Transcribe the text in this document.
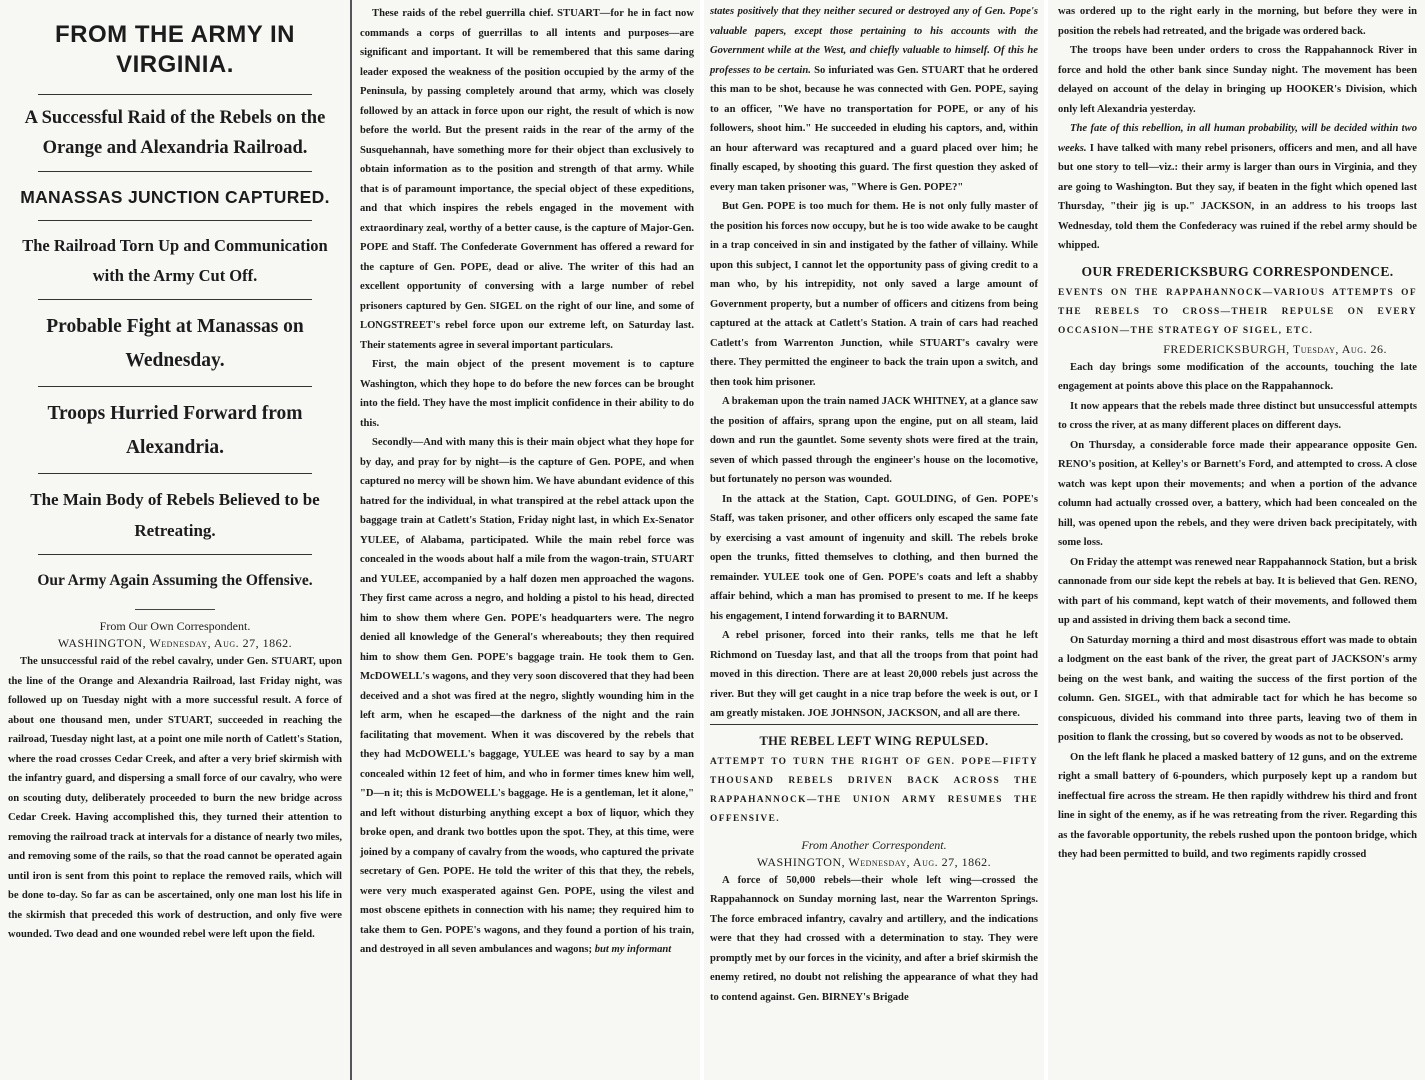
FROM THE ARMY IN VIRGINIA.
A Successful Raid of the Rebels on the Orange and Alexandria Railroad.
MANASSAS JUNCTION CAPTURED.
The Railroad Torn Up and Communication with the Army Cut Off.
Probable Fight at Manassas on Wednesday.
Troops Hurried Forward from Alexandria.
The Main Body of Rebels Believed to be Retreating.
Our Army Again Assuming the Offensive.
From Our Own Correspondent.
WASHINGTON, Wednesday, Aug. 27, 1862.

The unsuccessful raid of the rebel cavalry, under Gen. STUART, upon the line of the Orange and Alexandria Railroad, last Friday night, was followed up on Tuesday night with a more successful result. A force of about one thousand men, under STUART, succeeded in reaching the railroad, Tuesday night last, at a point one mile north of Catlett's Station, where the road crosses Cedar Creek, and after a very brief skirmish with the infantry guard, and dispersing a small force of our cavalry, who were on scouting duty, deliberately proceeded to burn the new bridge across Cedar Creek. Having accomplished this, they turned their attention to removing the railroad track at intervals for a distance of nearly two miles, and removing some of the rails, so that the road cannot be operated again until iron is sent from this point to replace the removed rails, which will be done to-day. So far as can be ascertained, only one man lost his life in the skirmish that preceded this work of destruction, and only five were wounded. Two dead and one wounded rebel were left upon the field.

These raids of the rebel guerrilla chief. STUART—for he in fact now commands a corps of guerrillas to all intents and purposes—are significant and important. It will be remembered that this same daring leader exposed the weakness of the position occupied by the army of the Peninsula, by passing completely around that army, which was closely followed by an attack in force upon our right, the result of which is now before the world. But the present raids in the rear of the army of the Susquehannah, have something more for their object than exclusively to obtain information as to the position and strength of that army. While that is of paramount importance, the special object of these expeditions, and that which inspires the rebels engaged in the movement with extraordinary zeal, worthy of a better cause, is the capture of Major-Gen. POPE and Staff. The Confederate Government has offered a reward for the capture of Gen. POPE, dead or alive. The writer of this had an excellent opportunity of conversing with a large number of rebel prisoners captured by Gen. SIGEL on the right of our line, and some of LONGSTREET's rebel force upon our extreme left, on Saturday last. Their statements agree in several important particulars.

First, the main object of the present movement is to capture Washington, which they hope to do before the new forces can be brought into the field. They have the most implicit confidence in their ability to do this.

Secondly—And with many this is their main object what they hope for by day, and pray for by night—is the capture of Gen. POPE, and when captured no mercy will be shown him. We have abundant evidence of this hatred for the individual, in what transpired at the rebel attack upon the baggage train at Catlett's Station, Friday night last, in which Ex-Senator YULEE, of Alabama, participated. While the main rebel force was concealed in the woods about half a mile from the wagon-train, STUART and YULEE, accompanied by a half dozen men approached the wagons. They first came across a negro, and holding a pistol to his head, directed him to show them where Gen. POPE's headquarters were. The negro denied all knowledge of the General's whereabouts; they then required him to show them Gen. POPE's baggage train. He took them to Gen. McDOWELL's wagons, and they very soon discovered that they had been deceived and a shot was fired at the negro, slightly wounding him in the left arm, when he escaped—the darkness of the night and the rain facilitating that movement. When it was discovered by the rebels that they had McDOWELL's baggage, YULEE was heard to say by a man concealed within 12 feet of him, and who in former times knew him well, "D—n it; this is McDOWELL's baggage. He is a gentleman, let it alone," and left without disturbing anything except a box of liquor, which they broke open, and drank two bottles upon the spot. They, at this time, were joined by a company of cavalry from the woods, who captured the private secretary of Gen. POPE. He told the writer of this that they, the rebels, were very much exasperated against Gen. POPE, using the vilest and most obscene epithets in connection with his name; they required him to take them to Gen. POPE's wagons, and they found a portion of his train, and destroyed in all seven ambulances and wagons; but my informant

states positively that they neither secured or destroyed any of Gen. Pope's valuable papers, except those pertaining to his accounts with the Government while at the West, and chiefly valuable to himself. Of this he professes to be certain. So infuriated was Gen. STUART that he ordered this man to be shot, because he was connected with Gen. POPE, saying to an officer, "We have no transportation for POPE, or any of his followers, shoot him." He succeeded in eluding his captors, and, within an hour afterward was recaptured and a guard placed over him; he finally escaped, by shooting this guard. The first question they asked of every man taken prisoner was, "Where is Gen. POPE?"

But Gen. POPE is too much for them. He is not only fully master of the position his forces now occupy, but he is too wide awake to be caught in a trap conceived in sin and instigated by the father of villainy. While upon this subject, I cannot let the opportunity pass of giving credit to a man who, by his intrepidity, not only saved a large amount of Government property, but a number of officers and citizens from being captured at the attack at Catlett's Station. A train of cars had reached Catlett's from Warrenton Junction, while STUART's cavalry were there. They permitted the engineer to back the train upon a switch, and then took him prisoner.

A brakeman upon the train named JACK WHITNEY, at a glance saw the position of affairs, sprang upon the engine, put on all steam, laid down and run the gauntlet. Some seventy shots were fired at the train, seven of which passed through the engineer's house on the locomotive, but fortunately no person was wounded.

In the attack at the Station, Capt. GOULDING, of Gen. POPE's Staff, was taken prisoner, and other officers only escaped the same fate by exercising a vast amount of ingenuity and skill. The rebels broke open the trunks, fitted themselves to clothing, and then burned the remainder. YULEE took one of Gen. POPE's coats and left a shabby affair behind, which a man has promised to present to me. If he keeps his engagement, I intend forwarding it to BARNUM.

A rebel prisoner, forced into their ranks, tells me that he left Richmond on Tuesday last, and that all the troops from that point had moved in this direction. There are at least 20,000 rebels just across the river. But they will get caught in a nice trap before the week is out, or I am greatly mistaken. JOE JOHNSON, JACKSON, and all are there.

THE REBEL LEFT WING REPULSED.

ATTEMPT TO TURN THE RIGHT OF GEN. POPE—FIFTY THOUSAND REBELS DRIVEN BACK ACROSS THE RAPPAHANNOCK—THE UNION ARMY RESUMES THE OFFENSIVE.

From Another Correspondent.
WASHINGTON, Wednesday, Aug. 27, 1862.

A force of 50,000 rebels—their whole left wing—crossed the Rappahannock on Sunday morning last, near the Warrenton Springs. The force embraced infantry, cavalry and artillery, and the indications were that they had crossed with a determination to stay. They were promptly met by our forces in the vicinity, and after a brief skirmish the enemy retired, no doubt not relishing the appearance of what they had to contend against. Gen. BIRNEY's Brigade

was ordered up to the right early in the morning, but before they were in position the rebels had retreated, and the brigade was ordered back.

The troops have been under orders to cross the Rappahannock River in force and hold the other bank since Sunday night. The movement has been delayed on account of the delay in bringing up HOOKER's Division, which only left Alexandria yesterday.

The fate of this rebellion, in all human probability, will be decided within two weeks. I have talked with many rebel prisoners, officers and men, and all have but one story to tell—viz.: their army is larger than ours in Virginia, and they are going to Washington. But they say, if beaten in the fight which opened last Thursday, "their jig is up." JACKSON, in an address to his troops last Wednesday, told them the Confederacy was ruined if the rebel army should be whipped.

OUR FREDERICKSBURG CORRESPONDENCE.

EVENTS ON THE RAPPAHANNOCK—VARIOUS ATTEMPTS OF THE REBELS TO CROSS—THEIR REPULSE ON EVERY OCCASION—THE STRATEGY OF SIGEL, ETC.

FREDERICKSBURGH, Tuesday, Aug. 26.

Each day brings some modification of the accounts, touching the late engagement at points above this place on the Rappahannock.

It now appears that the rebels made three distinct but unsuccessful attempts to cross the river, at as many different places on different days.

On Thursday, a considerable force made their appearance opposite Gen. RENO's position, at Kelley's or Barnett's Ford, and attempted to cross. A close watch was kept upon their movements; and when a portion of the advance column had actually crossed over, a battery, which had been concealed on the hill, was opened upon the rebels, and they were driven back precipitately, with some loss.

On Friday the attempt was renewed near Rappahannock Station, but a brisk cannonade from our side kept the rebels at bay. It is believed that Gen. RENO, with part of his command, kept watch of their movements, and followed them up and assisted in driving them back a second time.

On Saturday morning a third and most disastrous effort was made to obtain a lodgment on the east bank of the river, the great part of JACKSON's army being on the west bank, and waiting the success of the first portion of the column. Gen. SIGEL, with that admirable tact for which he has become so conspicuous, divided his command into three parts, leaving two of them in position to flank the crossing, but so covered by woods as not to be observed.

On the left flank he placed a masked battery of 12 guns, and on the extreme right a small battery of 6-pounders, which purposely kept up a random but ineffectual fire across the stream. He then rapidly withdrew his third and front line in sight of the enemy, as if he was retreating from the river. Regarding this as the favorable opportunity, the rebels rushed upon the pontoon bridge, which they had been permitted to build, and two regiments rapidly crossed
